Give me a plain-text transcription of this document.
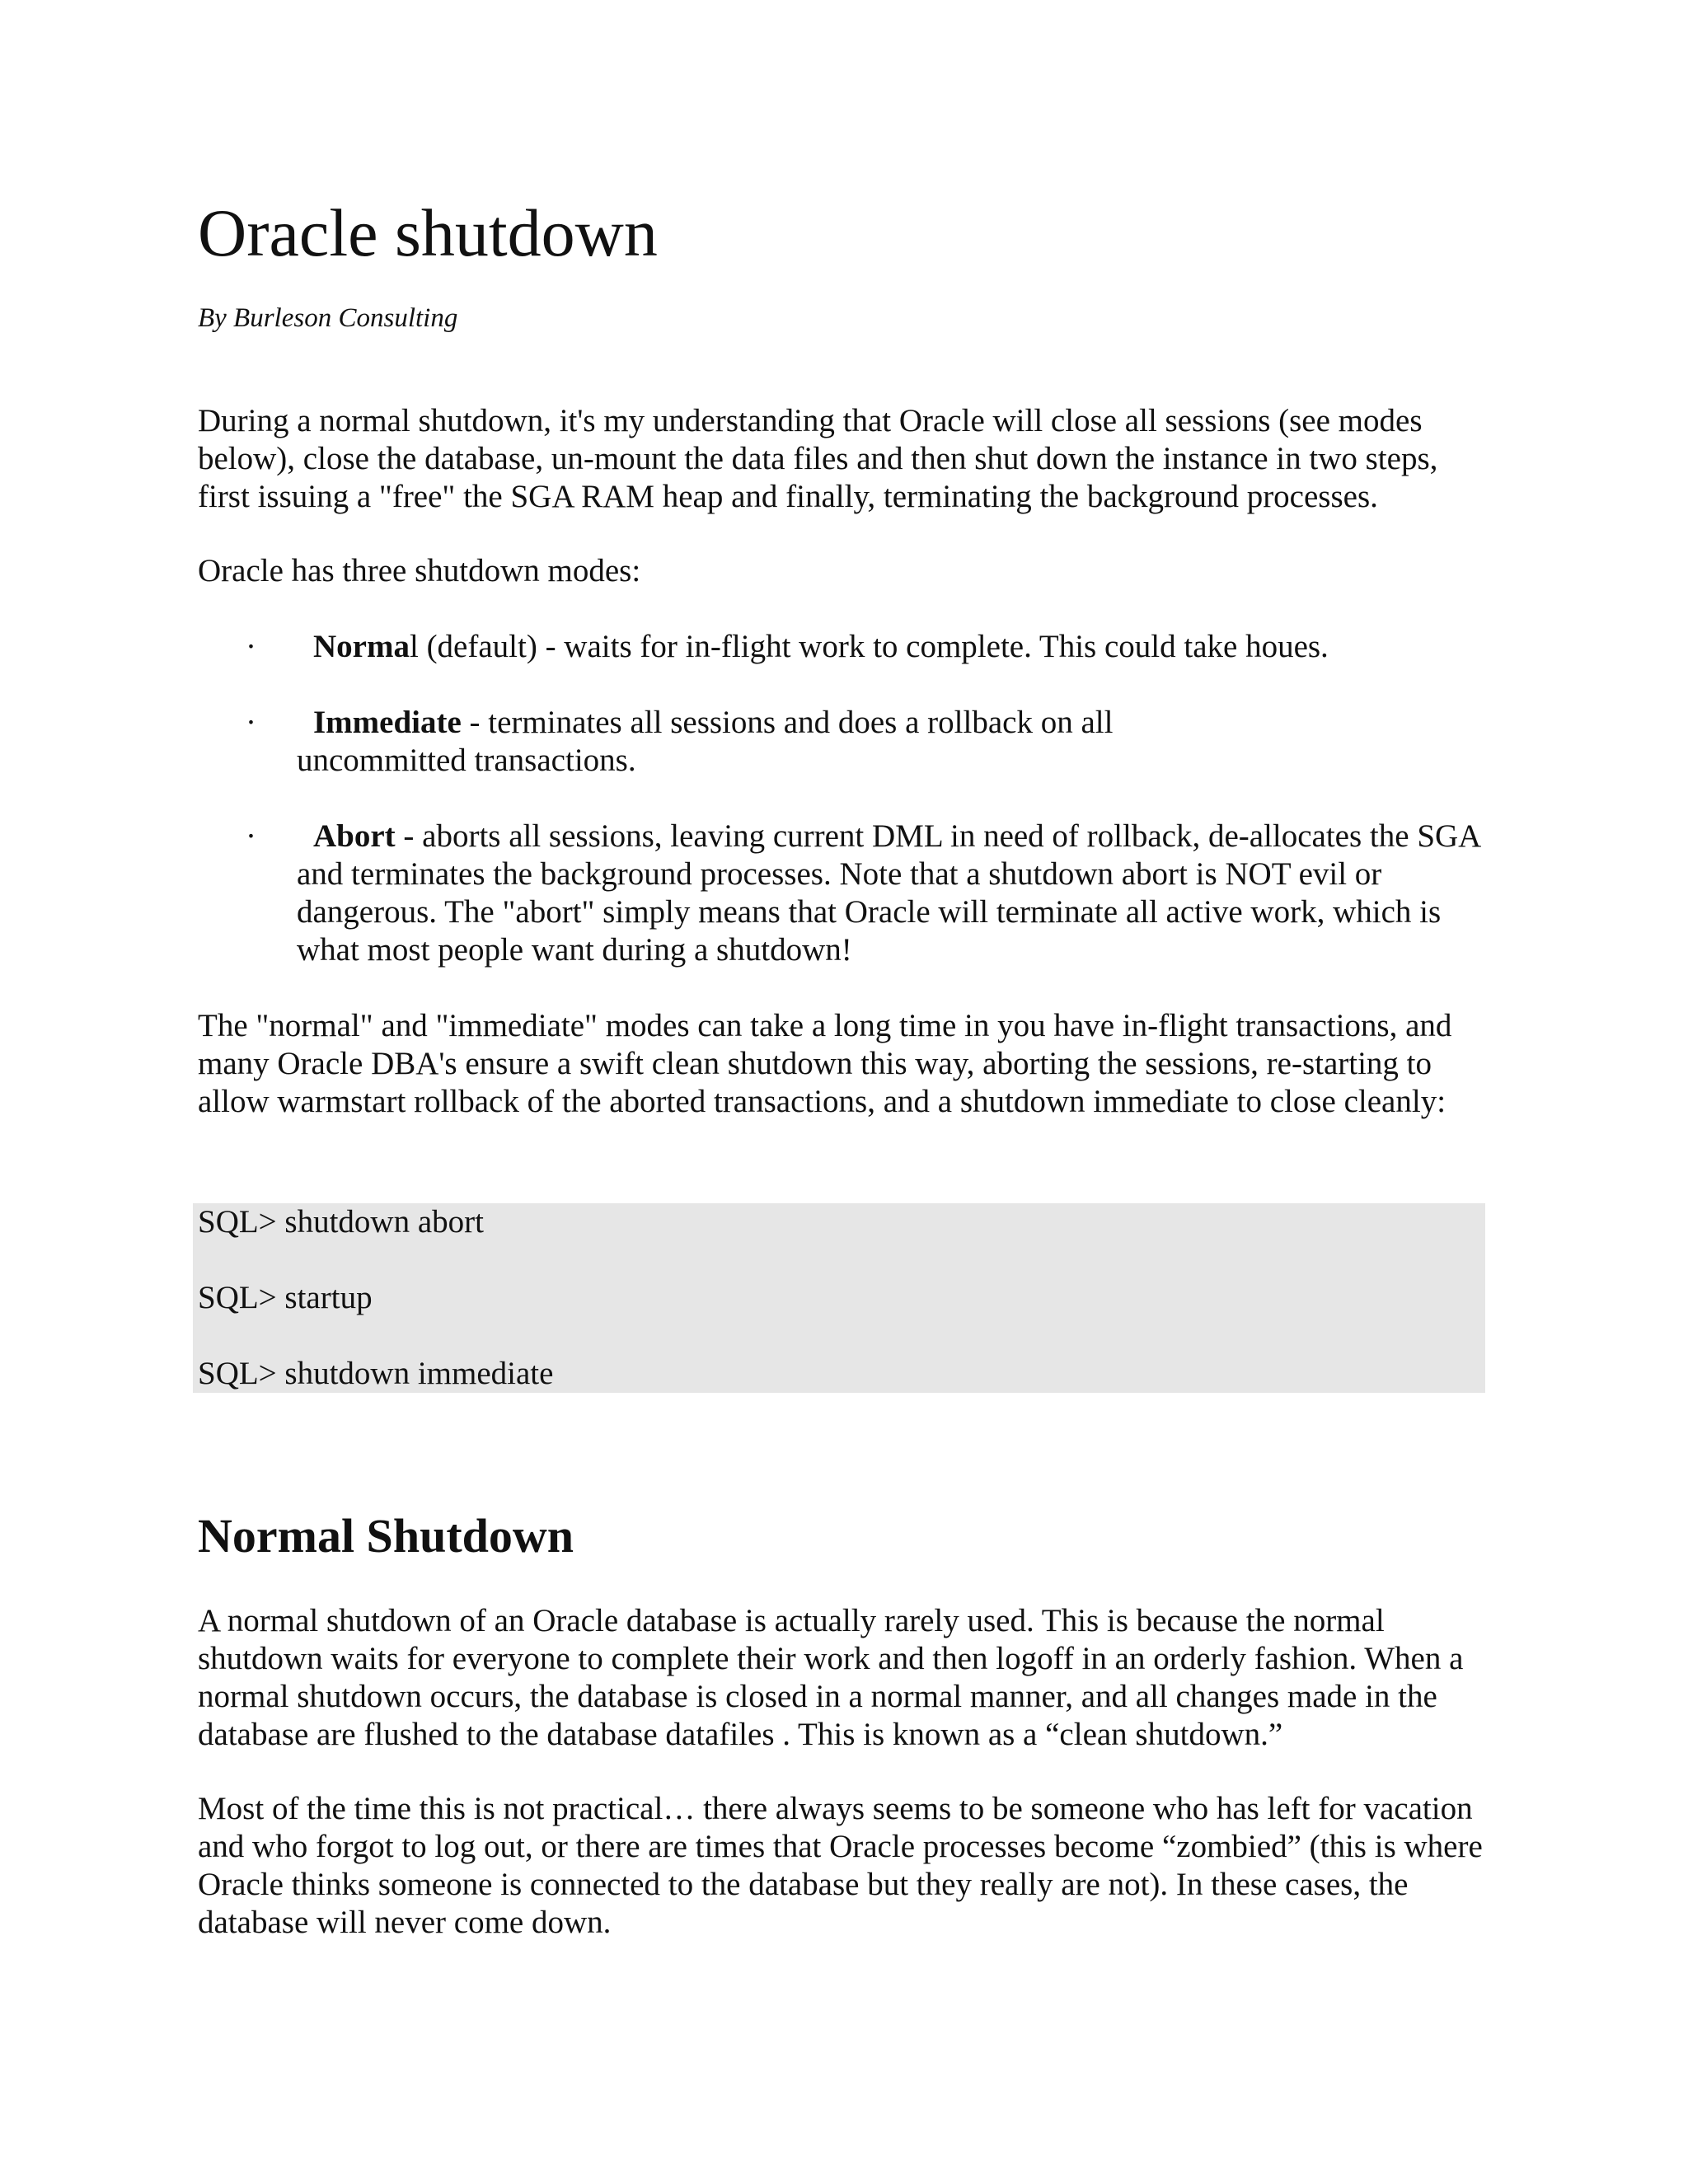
Oracle shutdown

By Burleson Consulting

During a normal shutdown, it's my understanding that Oracle will close all sessions (see modes below), close the database, un-mount the data files and then shut down the instance in two steps, first issuing a "free" the SGA RAM heap and finally, terminating the background processes.

Oracle has three shutdown modes:

·	Normal (default) - waits for in-flight work to complete. This could take houes.
·	Immediate - terminates all sessions and does a rollback on all uncommitted transactions.
·	Abort - aborts all sessions, leaving current DML in need of rollback, de-allocates the SGA and terminates the background processes. Note that a shutdown abort is NOT evil or dangerous. The "abort" simply means that Oracle will terminate all active work, which is what most people want during a shutdown!

The "normal" and "immediate" modes can take a long time in you have in-flight transactions, and many Oracle DBA's ensure a swift clean shutdown this way, aborting the sessions, re-starting to allow warmstart rollback of the aborted transactions, and a shutdown immediate to close cleanly:

SQL> shutdown abort

SQL> startup

SQL> shutdown immediate

Normal Shutdown

A normal shutdown of an Oracle database is actually rarely used. This is because the normal shutdown waits for everyone to complete their work and then logoff in an orderly fashion. When a normal shutdown occurs, the database is closed in a normal manner, and all changes made in the database are flushed to the database datafiles . This is known as a “clean shutdown.”

Most of the time this is not practical… there always seems to be someone who has left for vacation and who forgot to log out, or there are times that Oracle processes become “zombied” (this is where Oracle thinks someone is connected to the database but they really are not). In these cases, the database will never come down.
